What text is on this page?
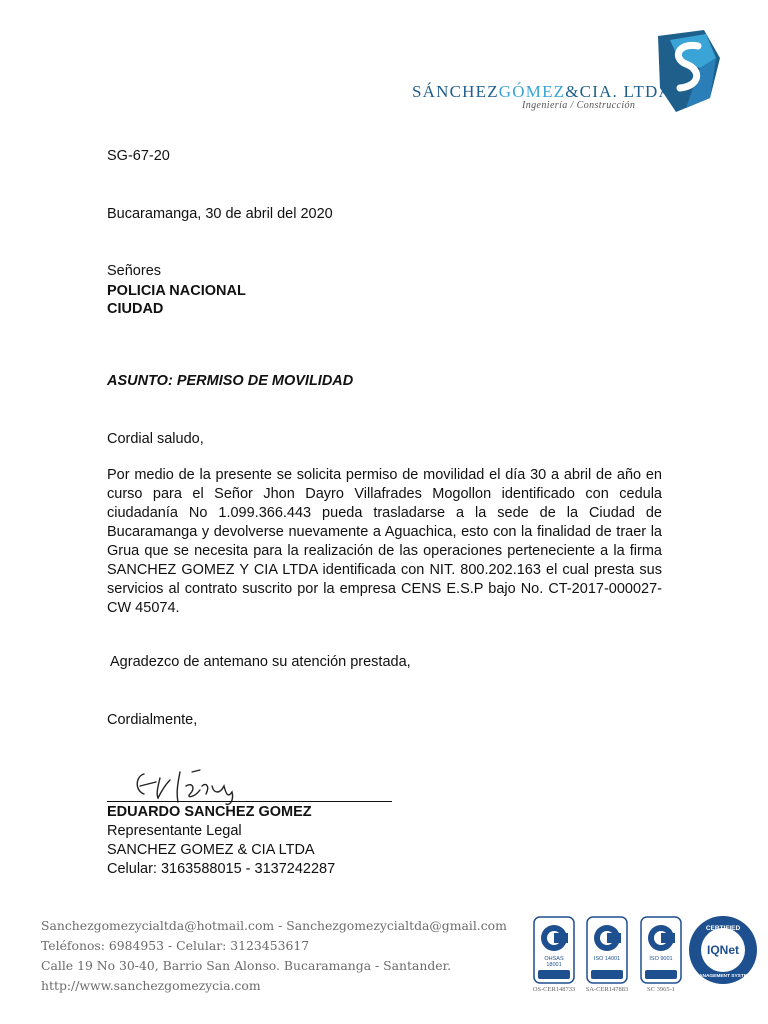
SÁNCHEZGÓMEZ&CIA. LTDA.
Ingeniería / Construcción
SG-67-20
Bucaramanga, 30 de abril del 2020
Señores
POLICIA NACIONAL
CIUDAD
ASUNTO: PERMISO DE MOVILIDAD
Cordial saludo,
Por medio de la presente se solicita permiso de movilidad el día 30 a abril de año en curso para el Señor Jhon Dayro Villafrades Mogollon identificado con cedula ciudadanía No 1.099.366.443 pueda trasladarse a la sede de la Ciudad de Bucaramanga y devolverse nuevamente a Aguachica, esto con la finalidad de traer la Grua que se necesita para la realización de las operaciones perteneciente a la firma SANCHEZ GOMEZ Y CIA LTDA identificada con NIT. 800.202.163 el cual presta sus servicios al contrato suscrito por la empresa CENS E.S.P bajo No. CT-2017-000027-CW 45074.
Agradezco de antemano su atención prestada,
Cordialmente,
EDUARDO SANCHEZ GOMEZ
Representante Legal
SANCHEZ GOMEZ & CIA LTDA
Celular: 3163588015 - 3137242287
Sanchezgomezycialtda@hotmail.com - Sanchezgomezycialtda@gmail.com
Teléfonos: 6984953 - Celular: 3123453617
Calle 19 No 30-40, Barrio San Alonso. Bucaramanga - Santander.
http://www.sanchezgomezycia.com
OHSAS 18001
OS-CER148733
ISO 14001
SA-CER147883
ISO 9001
SC 3965-1
CERTIFIED
IQNet
MANAGEMENT SYSTEM
